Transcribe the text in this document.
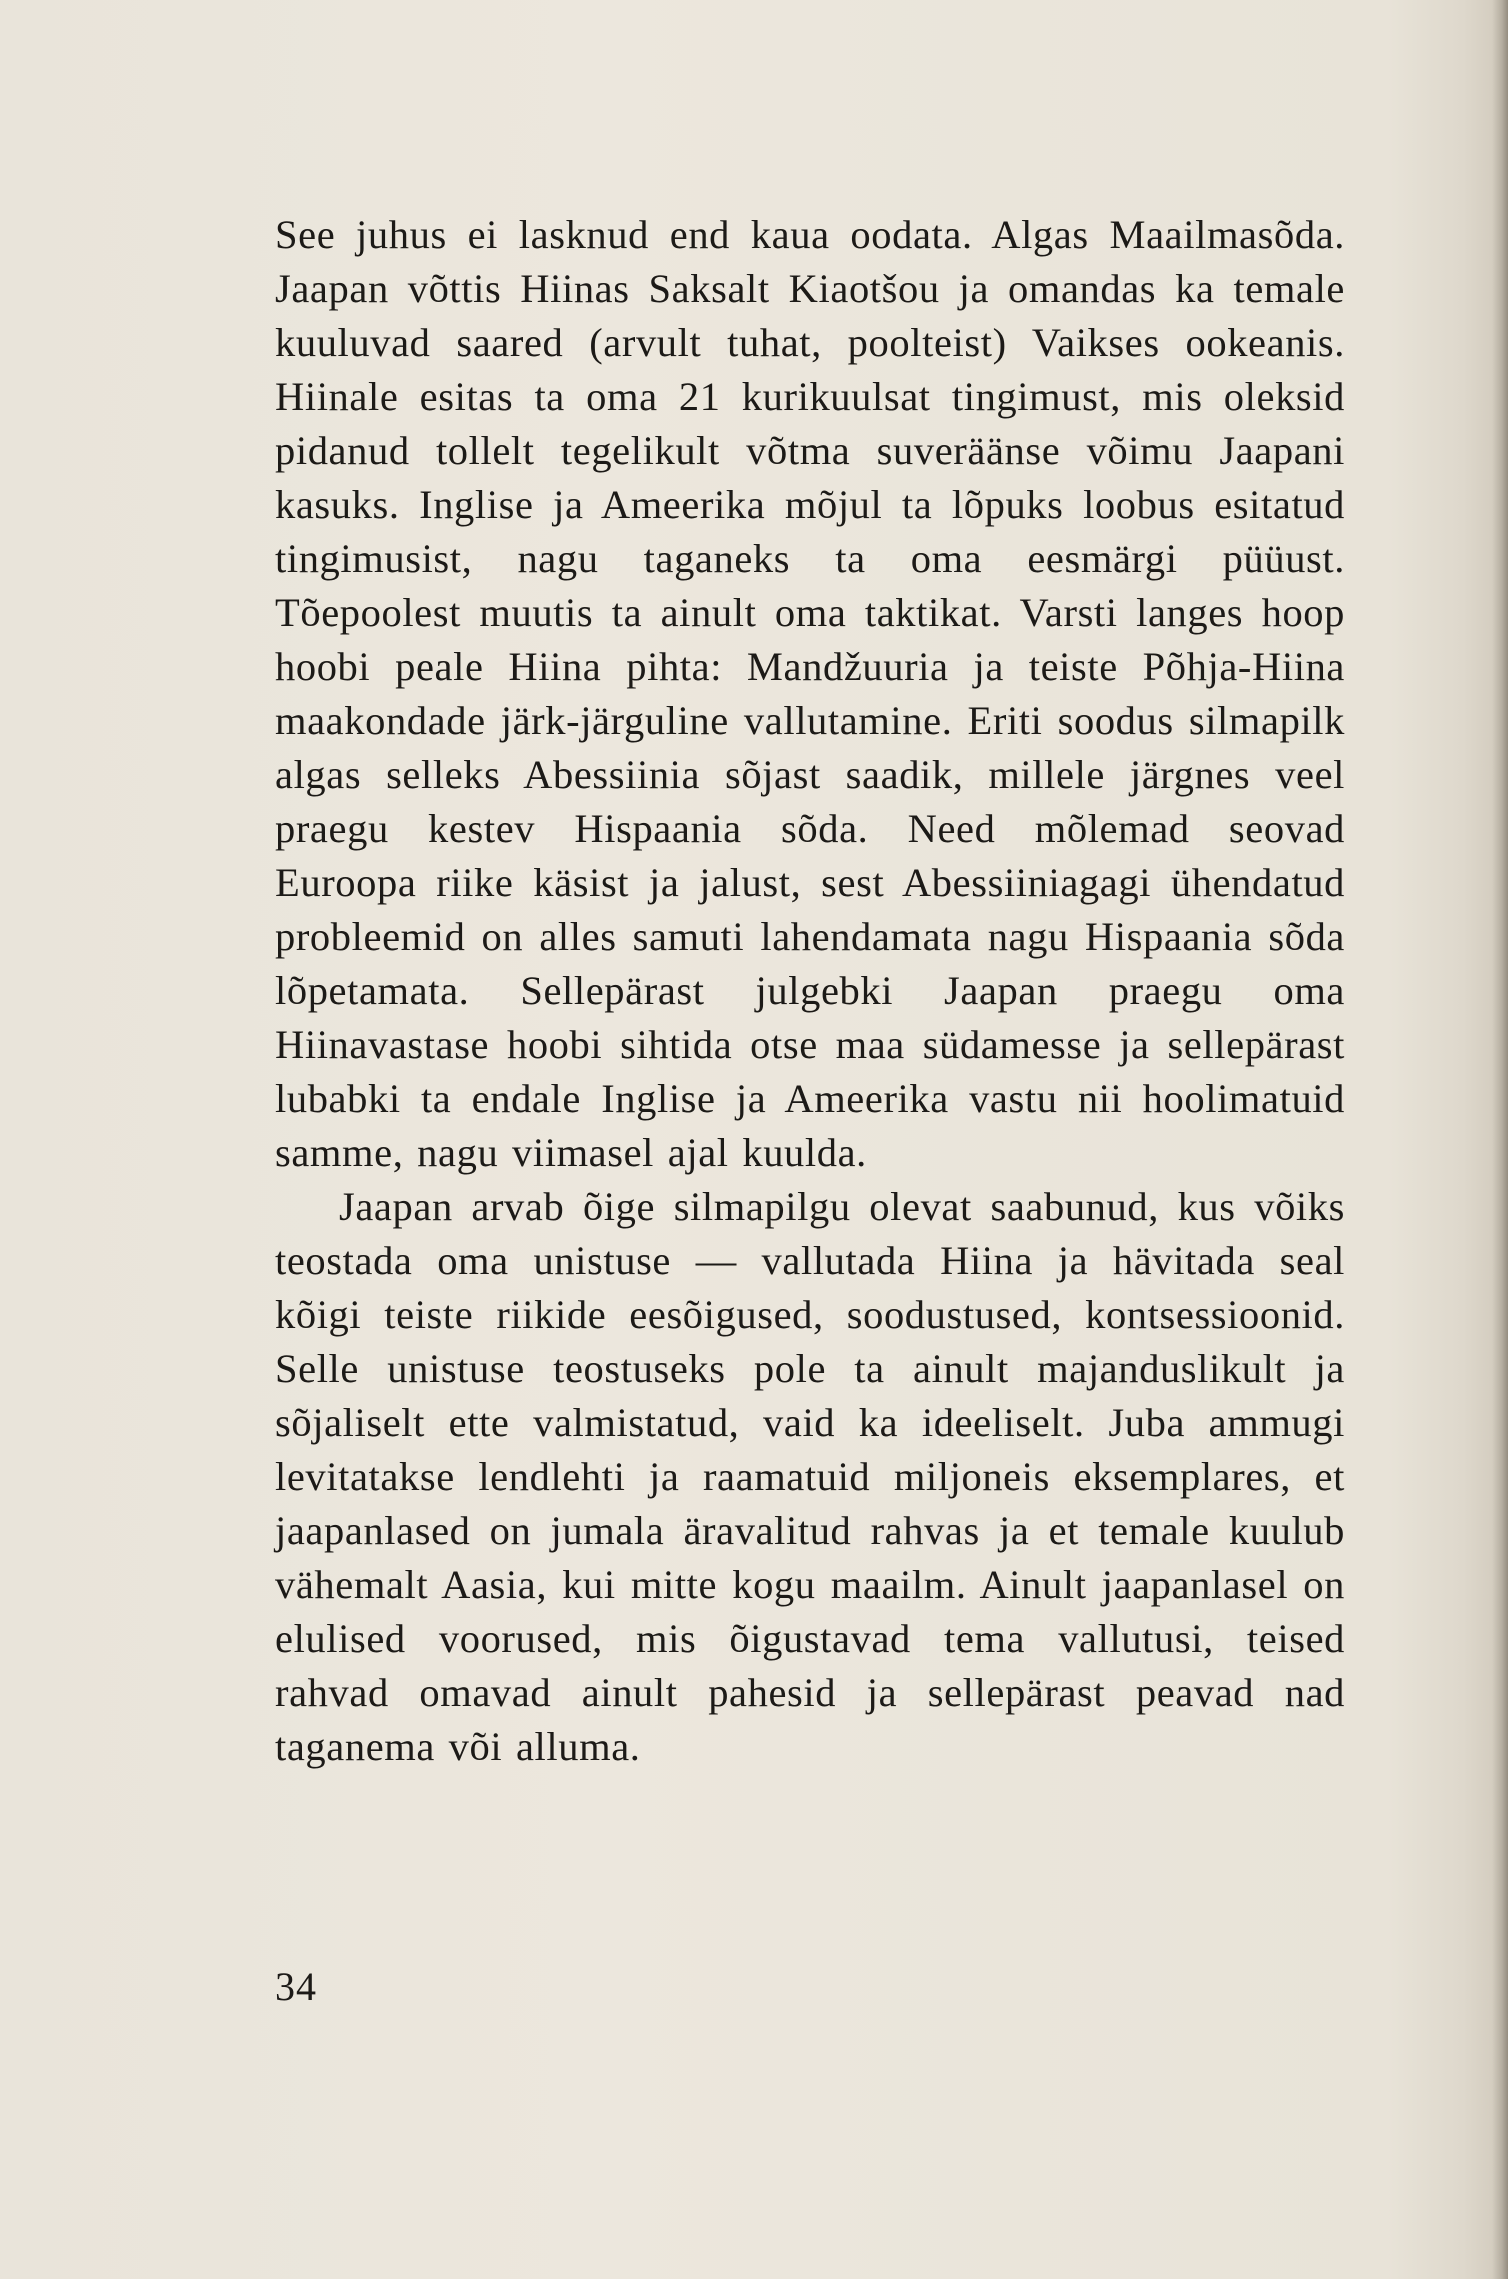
See juhus ei lasknud end kaua oodata. Algas Maailmasõda. Jaapan võttis Hiinas Saksalt Kiaotšou ja omandas ka temale kuuluvad saared (arvult tuhat, poolteist) Vaikses ookeanis. Hiinale esitas ta oma 21 kurikuulsat tingimust, mis oleksid pidanud tollelt tegelikult võtma suveräänse võimu Jaapani kasuks. Inglise ja Ameerika mõjul ta lõpuks loobus esitatud tingimusist, nagu taganeks ta oma eesmärgi püüust. Tõepoolest muutis ta ainult oma taktikat. Varsti langes hoop hoobi peale Hiina pihta: Mandžuuria ja teiste Põhja-Hiina maakondade järk-järguline vallutamine. Eriti soodus silmapilk algas selleks Abessiinia sõjast saadik, millele järgnes veel praegu kestev Hispaania sõda. Need mõlemad seovad Euroopa riike käsist ja jalust, sest Abessiiniagagi ühendatud probleemid on alles samuti lahendamata nagu Hispaania sõda lõpetamata. Sellepärast julgebki Jaapan praegu oma Hiinavastase hoobi sihtida otse maa südamesse ja sellepärast lubabki ta endale Inglise ja Ameerika vastu nii hoolimatuid samme, nagu viimasel ajal kuulda.

Jaapan arvab õige silmapilgu olevat saabunud, kus võiks teostada oma unistuse — vallutada Hiina ja hävitada seal kõigi teiste riikide eesõigused, soodustused, kontsessioonid. Selle unistuse teostuseks pole ta ainult majanduslikult ja sõjaliselt ette valmistatud, vaid ka ideeliselt. Juba ammugi levitatakse lendlehti ja raamatuid miljoneis eksemplares, et jaapanlased on jumala äravalitud rahvas ja et temale kuulub vähemalt Aasia, kui mitte kogu maailm. Ainult jaapanlasel on elulised voorused, mis õigustavad tema vallutusi, teised rahvad omavad ainult pahesid ja sellepärast peavad nad taganema või alluma.

34
